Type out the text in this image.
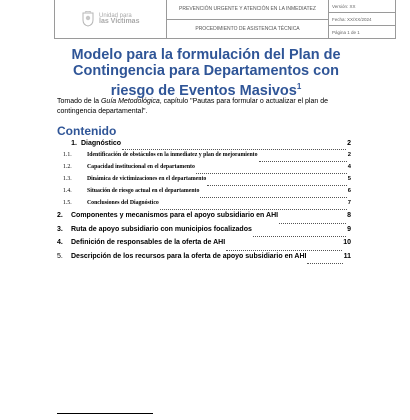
Unidad para
las Víctimas
PREVENCIÓN URGENTE Y ATENCIÓN EN LA INMEDIATEZ
PROCEDIMIENTO DE ASISTENCIA TÉCNICA
Versión: XX
Fecha: XX/XX/2024
Página 1 de 1
Modelo para la formulación del Plan de Contingencia para Departamentos con riesgo de Eventos Masivos$^1$
Tomado de la Guía Metodológica, capítulo "Pautas para formular o actualizar el plan de contingencia departamental".
Contenido
1. Diagnóstico	2
1.1.	Identificación de obstáculos en la inmediatez y plan de mejoramiento	2
1.2.	Capacidad institucional en el departamento	4
1.3.	Dinámica de victimizaciones en el departamento	5
1.4.	Situación de riesgo actual en el departamento	6
1.5.	Conclusiones del Diagnóstico	7
2.	Componentes y mecanismos para el apoyo subsidiario en AHI	8
3.	Ruta de apoyo subsidiario con municipios focalizados	9
4.	Definición de responsables de la oferta de AHI	10
5.	Descripción de los recursos para la oferta de apoyo subsidiario en AHI	11
